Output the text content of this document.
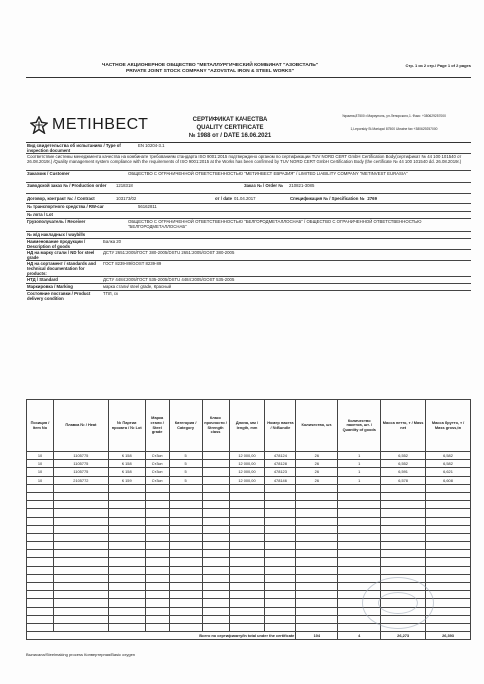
ЧАСТНОЕ АКЦИОНЕРНОЕ ОБЩЕСТВО "МЕТАЛЛУРГИЧЕСКИЙ КОМБИНАТ "АЗОВСТАЛЬ"
PRIVATE JOINT STOCK COMPANY "AZOVSTAL IRON & STEEL WORKS"
Стр. 1 из 2 стр./ Page 1 of 2 pages
МЕТІНВЕСТ	СЕРТИФИКАТ КАЧЕСТВА
QUALITY CERTIFICATE
№ 1988 от / DATE 16.06.2021
Украина,87500 г.Мариуполь, ул.Лепорского,1. Факс: +380629257000
1,Leporskiy St.Mariupol 87500 Ukraine fax +380629257000
Вид свидетельства об испытаниях / Type of inspection document
EN 10204-3.1
Соответствие системы менеджмента качества на комбинате требованиям стандарта ISO 9001:2015 подтверждено органом по сертификации TUV NORD CERT GmbH Certification Body(сертификат № 44 100 101540 от 26.08.2019г.) /Quality management system compliance with the requirements of ISO 9001:2015 at the Works has been confirmed by TUV NORD CERT GmbH Certification Body (the certificate № 44 100 101540 dd. 26.08.2019г.)
Заказчик / Customer	ОБЩЕСТВО С ОГРАНИЧЕННОЙ ОТВЕТСТВЕННОСТЬЮ "МЕТИНВЕСТ ЕВРАЗИЯ" / LIMITED LIABILITY COMPANY "METINVEST EURASIA"
Заводской заказ № / Production order	1218318	Заказ № / Order №	210821-3085
Договор, контракт №: / Contract	103173/02	от / date 01.04.2017	Спецификация № / Specification № 2769
№ транспортного средства / RW-car	56162811
№ лота / Lot
Грузополучатель / Receiver	ОБЩЕСТВО С ОГРАНИЧЕННОЙ ОТВЕТСТВЕННОСТЬЮ "БЕЛГОРОДМЕТАЛЛОСНАБ" / ОБЩЕСТВО С ОГРАНИЧЕННОЙ ОТВЕТСТВЕННОСТЬЮ "БЕЛГОРОДМЕТАЛЛОСНАБ"
№ ж/д накладных / waybills
Наименование продукции / Description of goods
Балка 20
НД на марку стали / ND for steel grade
ДСТУ 2651:2005/ГОСТ 380-2005/DSTU 2651:2005/GOST 380-2005
НД на сортамент / standards and technical documentation for products:
ГОСТ 8239-89/GOST 8239-89
НТД / Standard	ДСТУ 4484:2005/ГОСТ 535-2005/DSTU 4484:2005/GOST 535-2005
Маркировка / Marking	марка стали/ steel grade, Красный
Состояние поставки / Product delivery condition
ТПЛ, ск
Позиция / Item No	Плавка № / Heat	№ Партии проката / № Lot	Марка стали / Steel grade	Категория / Category	Класс прочности / Strength class	Длина, мм / length, mm	Номер пакета / №Bundle	Количество, шт.	Количество пакетов, шт. / Quantity of goods	Масса нетто, т / Mass net	Масса брутто, т / Mass gross,tn
10	1105775	К 158	Ст3сп	5		12 000,00	478124	26	1	6,552	6,582
10	1105775	К 158	Ст3сп	5		12 000,00	478128	26	1	6,552	6,582
10	1105775	К 158	Ст3сп	5		12 000,00	478123	26	1	6,591	6,621
10	2105772	К 159	Ст3сп	5		12 000,00	478146	26	1	6,578	6,608

Всего по сертификату/In total under the certificate								104	4	26,273	26,393
Выписала/Steelmaking process Конвертерная/Basic oxygen
